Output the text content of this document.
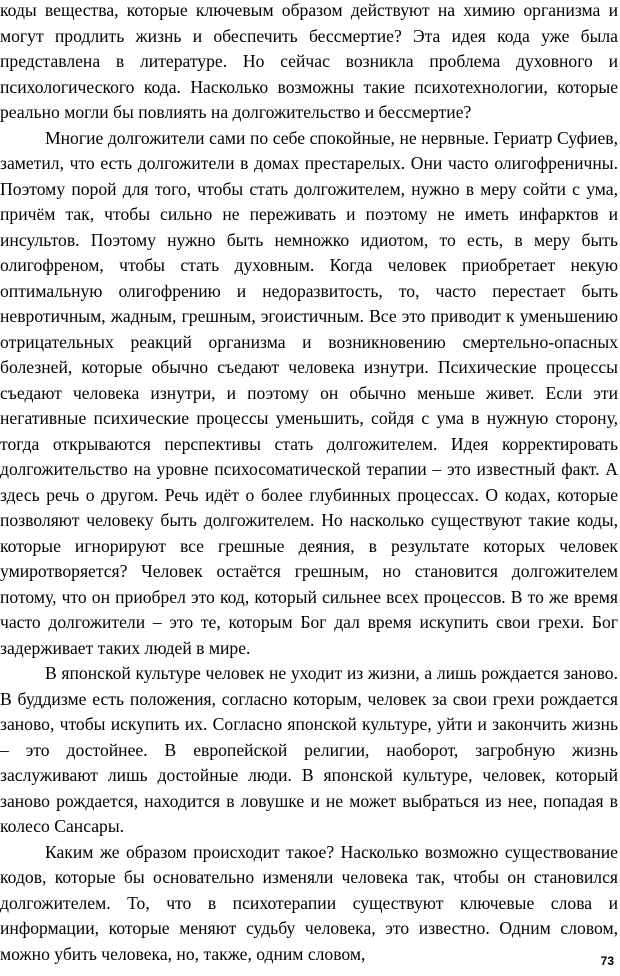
коды вещества, которые ключевым образом действуют на химию организма и могут продлить жизнь и обеспечить бессмертие? Эта идея кода уже была представлена в литературе. Но сейчас возникла проблема духовного и психологического кода. Насколько возможны такие психотехнологии, которые реально могли бы повлиять на долгожительство и бессмертие?

Многие долгожители сами по себе спокойные, не нервные. Гериатр Суфиев, заметил, что есть долгожители в домах престарелых. Они часто олигофреничны. Поэтому порой для того, чтобы стать долгожителем, нужно в меру сойти с ума, причём так, чтобы сильно не переживать и поэтому не иметь инфарктов и инсультов. Поэтому нужно быть немножко идиотом, то есть, в меру быть олигофреном, чтобы стать духовным. Когда человек приобретает некую оптимальную олигофрению и недоразвитость, то, часто перестает быть невротичным, жадным, грешным, эгоистичным. Все это приводит к уменьшению отрицательных реакций организма и возникновению смертельно-опасных болезней, которые обычно съедают человека изнутри. Психические процессы съедают человека изнутри, и поэтому он обычно меньше живет. Если эти негативные психические процессы уменьшить, сойдя с ума в нужную сторону, тогда открываются перспективы стать долгожителем. Идея корректировать долгожительство на уровне психосоматической терапии – это известный факт. А здесь речь о другом. Речь идёт о более глубинных процессах. О кодах, которые позволяют человеку быть долгожителем. Но насколько существуют такие коды, которые игнорируют все грешные деяния, в результате которых человек умиротворяется? Человек остаётся грешным, но становится долгожителем потому, что он приобрел это код, который сильнее всех процессов. В то же время часто долгожители – это те, которым Бог дал время искупить свои грехи. Бог задерживает таких людей в мире.

В японской культуре человек не уходит из жизни, а лишь рождается заново. В буддизме есть положения, согласно которым, человек за свои грехи рождается заново, чтобы искупить их. Согласно японской культуре, уйти и закончить жизнь – это достойнее. В европейской религии, наоборот, загробную жизнь заслуживают лишь достойные люди. В японской культуре, человек, который заново рождается, находится в ловушке и не может выбраться из нее, попадая в колесо Сансары.

Каким же образом происходит такое? Насколько возможно существование кодов, которые бы основательно изменяли человека так, чтобы он становился долгожителем. То, что в психотерапии существуют ключевые слова и информации, которые меняют судьбу человека, это известно. Одним словом, можно убить человека, но, также, одним словом,	73
